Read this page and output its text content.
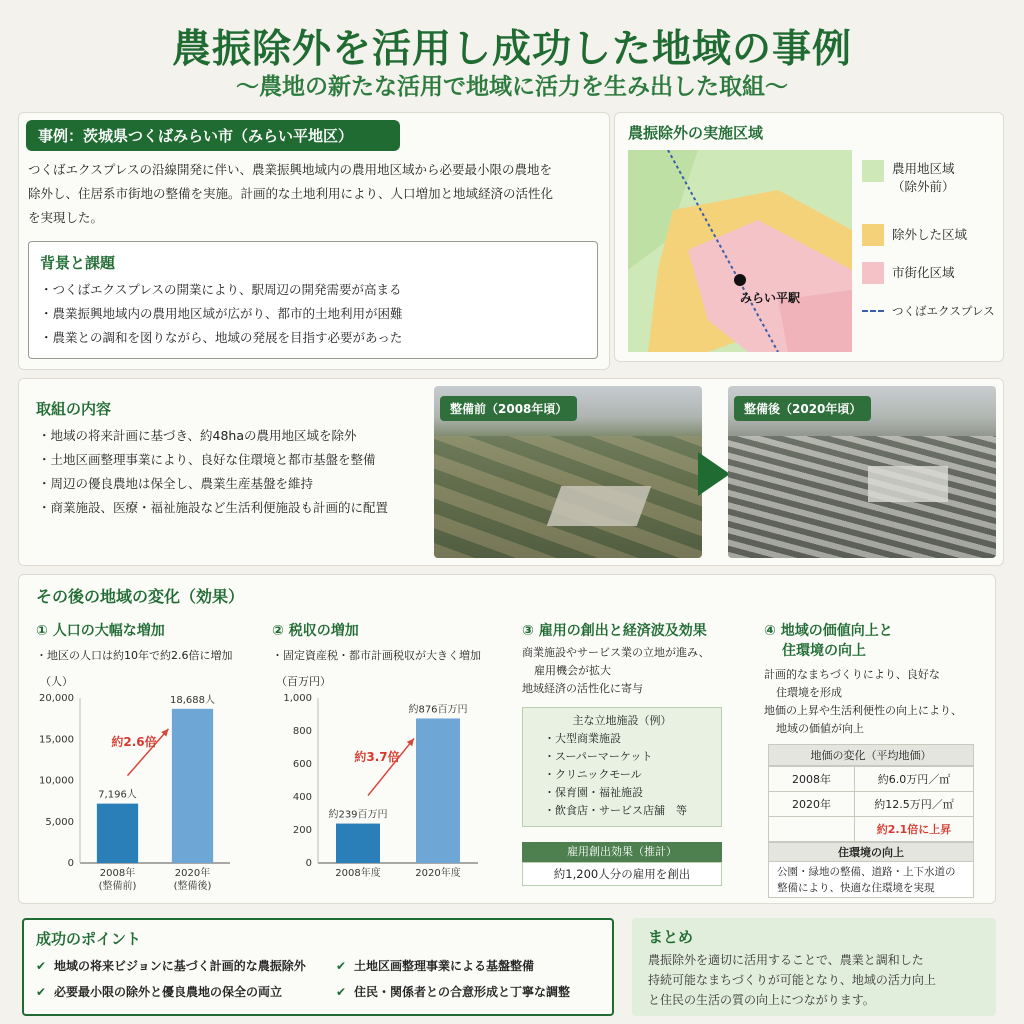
農振除外を活用し成功した地域の事例
〜農地の新たな活用で地域に活力を生み出した取組〜
事例：茨城県つくばみらい市（みらい平地区）
つくばエクスプレスの沿線開発に伴い、農業振興地域内の農用地区域から必要最小限の農地を
除外し、住居系市街地の整備を実施。計画的な土地利用により、人口増加と地域経済の活性化
を実現した。
背景と課題
・ つくばエクスプレスの開業により、駅周辺の開発需要が高まる
・ 農業振興地域内の農用地区域が広がり、都市的土地利用が困難
・ 農業との調和を図りながら、地域の発展を目指す必要があった
農振除外の実施区域
みらい平駅
農用地区域
（除外前）
除外した区域
市街化区域
つくばエクスプレス
取組の内容
・ 地域の将来計画に基づき、約48haの農用地区域を除外
・ 土地区画整理事業により、良好な住環境と都市基盤を整備
・ 周辺の優良農地は保全し、農業生産基盤を維持
・ 商業施設、医療・福祉施設など生活利便施設も計画的に配置
整備前（2008年頃）	整備後（2020年頃）
その後の地域の変化（効果）
① 人口の大幅な増加
・地区の人口は約10年で約2.6倍に増加
（人）
0
5,000
10,000
15,000
20,000
7,196人
2008年
(整備前)
18,688人
2020年
(整備後)
約2.6倍
② 税収の増加
・固定資産税・都市計画税収が大きく増加
（百万円）
0
200
400
600
800
1,000
約239百万円
2008年度
約876百万円
2020年度
約3.7倍
③ 雇用の創出と経済波及効果
商業施設やサービス業の立地が進み、
雇用機会が拡大
地域経済の活性化に寄与
主な立地施設（例）
・大型商業施設
・スーパーマーケット
・クリニックモール
・保育園・福祉施設
・飲食店・サービス店舗　等
雇用創出効果（推計）
約1,200人分の雇用を創出
④ 地域の価値向上と
住環境の向上
計画的なまちづくりにより、良好な
住環境を形成
地価の上昇や生活利便性の向上により、
地域の価値が向上
地価の変化（平均地価）
2008年	約6.0万円／㎡
2020年	約12.5万円／㎡
	約2.1倍に上昇
住環境の向上
公園・緑地の整備、道路・上下水道の
整備により、快適な住環境を実現
成功のポイント
✔ 地域の将来ビジョンに基づく計画的な農振除外
✔ 必要最小限の除外と優良農地の保全の両立
✔ 土地区画整理事業による基盤整備
✔ 住民・関係者との合意形成と丁寧な調整
まとめ
農振除外を適切に活用することで、農業と調和した
持続可能なまちづくりが可能となり、地域の活力向上
と住民の生活の質の向上につながります。
